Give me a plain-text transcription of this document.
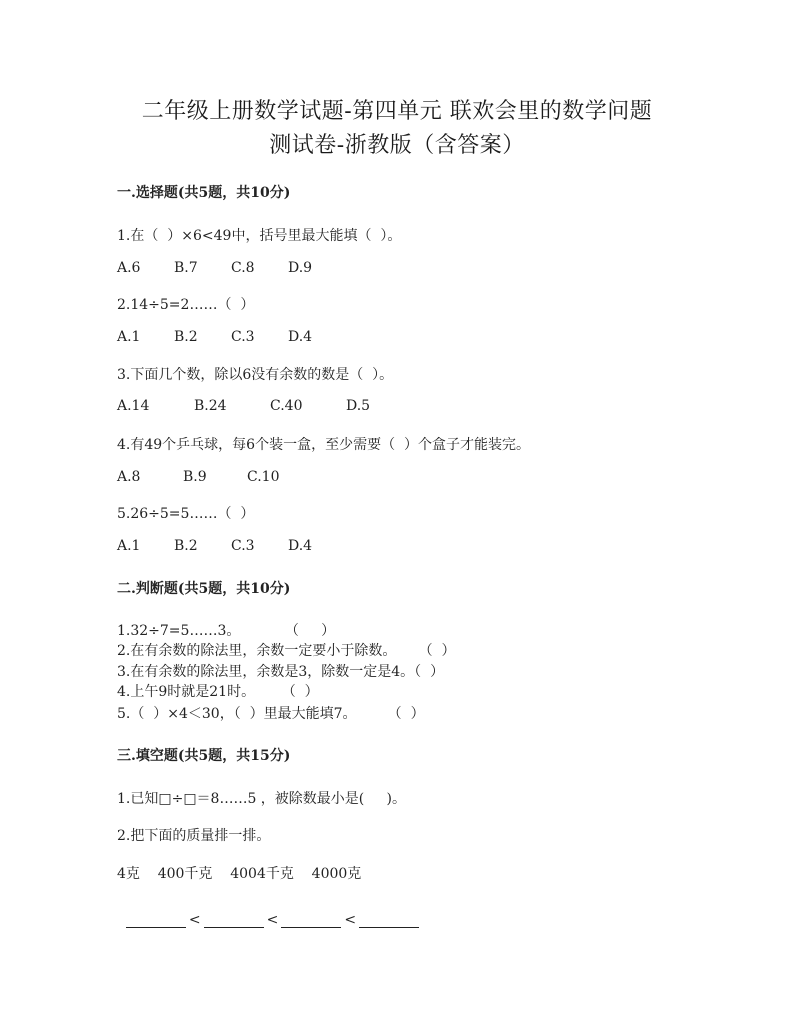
二年级上册数学试题-第四单元 联欢会里的数学问题
测试卷-浙教版（含答案）
一.选择题(共5题，共10分)
1.在（  ）×6<49中，括号里最大能填（  ）。
A.6 B.7 C.8 D.9
2.14÷5=2……（  ）
A.1 B.2 C.3 D.4
3.下面几个数，除以6没有余数的数是（  ）。
A.14	B.24	C.40	D.5
4.有49个乒乓球，每6个装一盒，至少需要（  ）个盒子才能装完。
A.8	B.9	C.10
5.26÷5=5……（  ）
A.1 B.2 C.3 D.4
二.判断题(共5题，共10分)
1.32÷7=5……3。          （     ）
2.在有余数的除法里，余数一定要小于除数。     （  ）
3.在有余数的除法里，余数是3，除数一定是4。（  ）
4.上午9时就是21时。      （  ）
5.（  ）×4＜30，（  ）里最大能填7。       （  ）
三.填空题(共5题，共15分)
1.已知□÷□＝8……5 ，被除数最小是(     )。
2.把下面的质量排一排。
4克    400千克    4004千克    4000克

<	<	<
